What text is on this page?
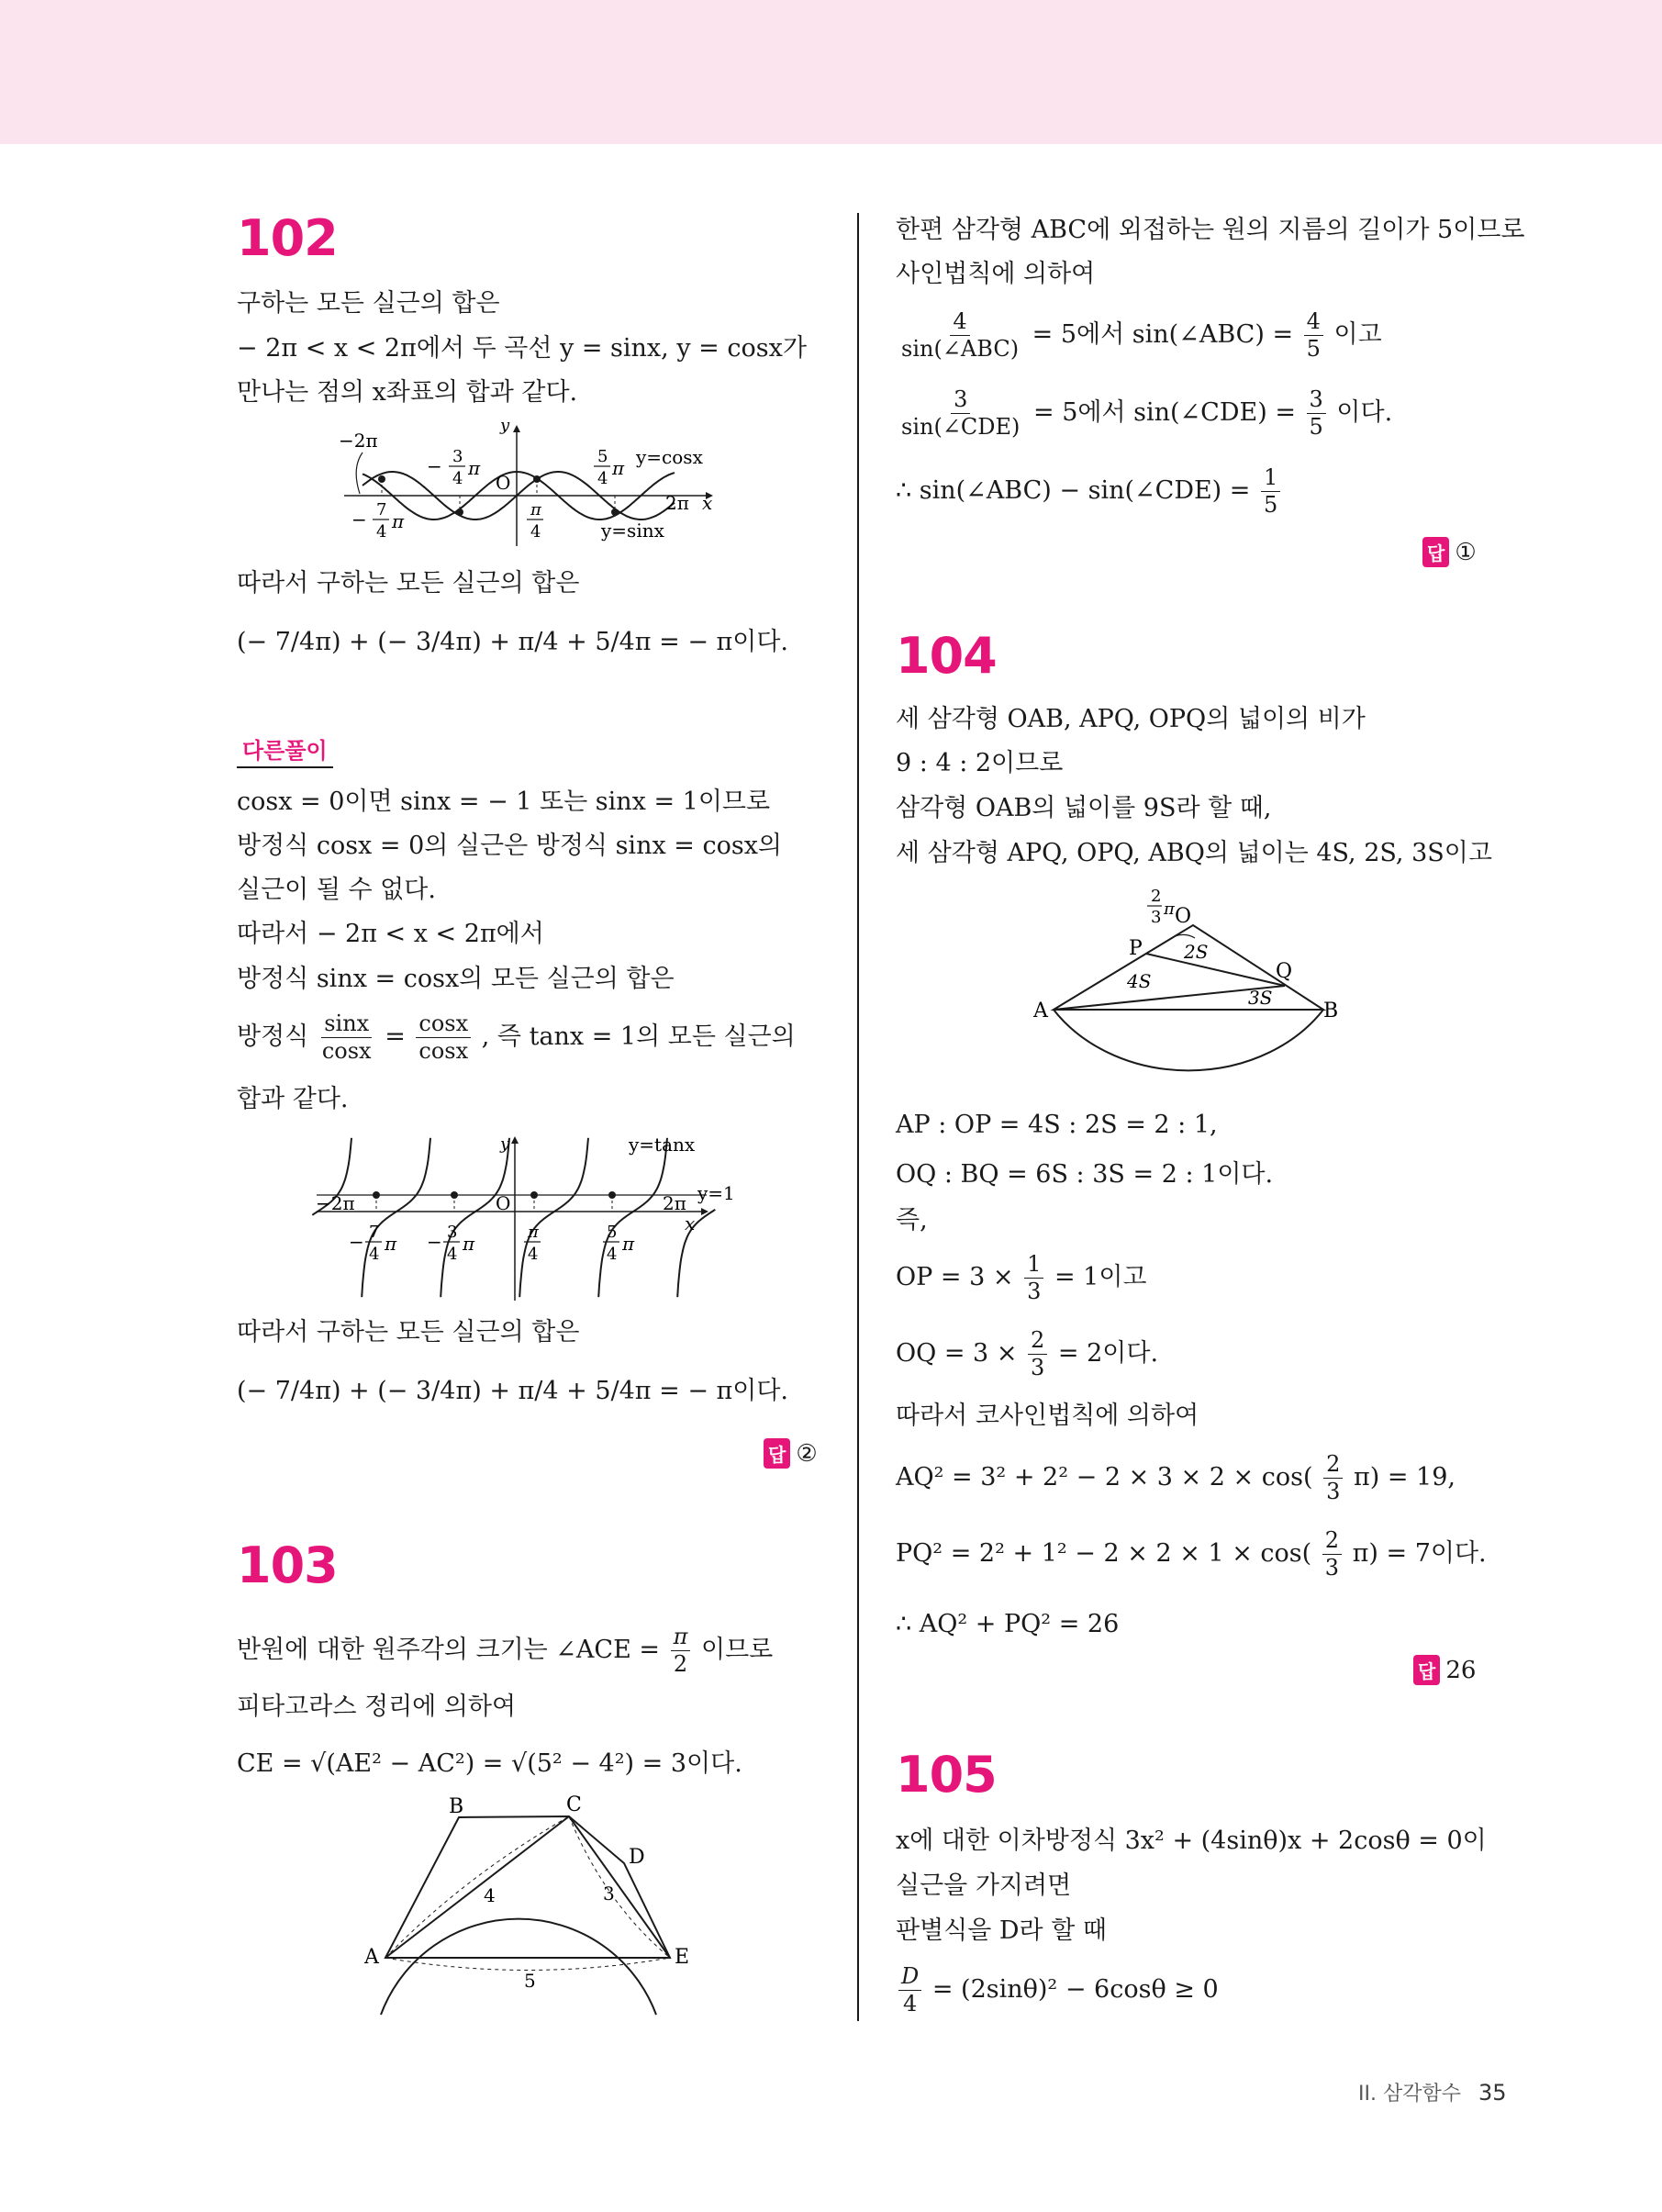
102
구하는 모든 실근의 합은
− 2π < x < 2π에서 두 곡선 y = sinx, y = cosx가
만나는 점의 x좌표의 합과 같다.
−2π
− 3
4 π
O
y
5
4 π y=cosx
2π x
− 7
4 π
π
4	y=sinx
따라서 구하는 모든 실근의 합은
(− 7/4π) + (− 3/4π) + π/4 + 5/4π = − π이다.
다른풀이
cosx = 0이면 sinx = − 1 또는 sinx = 1이므로
방정식 cosx = 0의 실근은 방정식 sinx = cosx의
실근이 될 수 없다.
따라서 − 2π < x < 2π에서
방정식 sinx = cosx의 모든 실근의 합은
방정식 $\frac{\sin x}{\cos x} = \frac{\cos x}{\cos x}$ , 즉 tanx = 1의 모든 실근의
합과 같다.
y	y=tanx
y=1
−2π	O	2π
x
− 7
4 π − 3
4 π
π
4
5
4 π
따라서 구하는 모든 실근의 합은
(− 7/4π) + (− 3/4π) + π/4 + 5/4π = − π이다.
답 ②
103
반원에 대한 원주각의 크기는 ∠ACE = $\frac{\pi}{2}$ 이므로
피타고라스 정리에 의하여
CE = √(AE² − AC²) = √(5² − 4²) = 3이다.
A
B	C
D
E
4	3
5
한편 삼각형 ABC에 외접하는 원의 지름의 길이가 5이므로
사인법칙에 의하여
$\frac{4}{\text{sin(∠ABC)}} = 5$에서 sin(∠ABC) = $\frac{4}{5}$ 이고
$\frac{3}{\text{sin(∠CDE)}} = 5$에서 sin(∠CDE) = $\frac{3}{5}$ 이다.
∴ sin(∠ABC) − sin(∠CDE) = $\frac{1}{5}$
답 ①
104
세 삼각형 OAB, APQ, OPQ의 넓이의 비가
9 : 4 : 2이므로
삼각형 OAB의 넓이를 9S라 할 때,
세 삼각형 APQ, OPQ, ABQ의 넓이는 4S, 2S, 3S이고
2
3 π O
P 2S
Q
4S
3S
A	B
AP : OP = 4S : 2S = 2 : 1,
OQ : BQ = 6S : 3S = 2 : 1이다.
즉,
OP = $3 \times \frac{1}{3} = 1$이고
OQ = $3 \times \frac{2}{3} = 2$이다.
따라서 코사인법칙에 의하여
$AQ^2 = 3^2 + 2^2 - 2 \times 3 \times 2 \times \cos( \frac{2}{3} \pi) = 19$,
$PQ^2 = 2^2 + 1^2 - 2 \times 2 \times 1 \times \cos( \frac{2}{3} \pi) = 7$이다.
∴ AQ² + PQ² = 26
답 26
105
x에 대한 이차방정식 3x² + (4sinθ)x + 2cosθ = 0이
실근을 가지려면
판별식을 D라 할 때
$\frac{D}{4} = (2\sin\theta)^2 - 6\cos\theta \ge 0$
II. 삼각함수 35
